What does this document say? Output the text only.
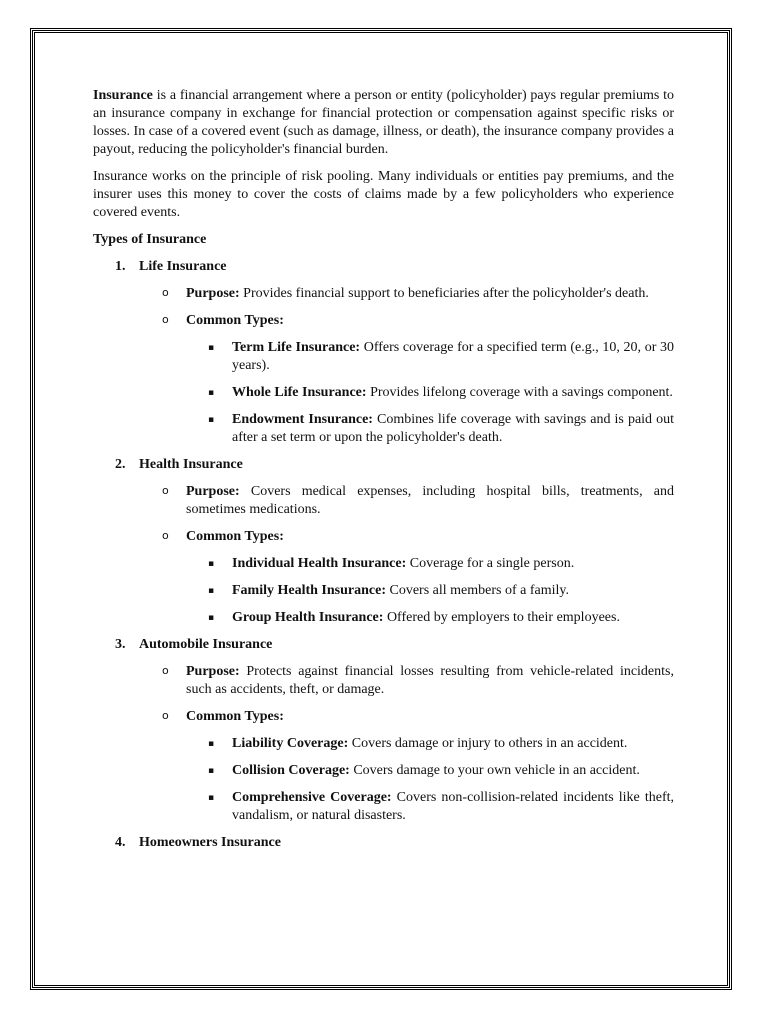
Insurance is a financial arrangement where a person or entity (policyholder) pays regular premiums to an insurance company in exchange for financial protection or compensation against specific risks or losses. In case of a covered event (such as damage, illness, or death), the insurance company provides a payout, reducing the policyholder's financial burden.

Insurance works on the principle of risk pooling. Many individuals or entities pay premiums, and the insurer uses this money to cover the costs of claims made by a few policyholders who experience covered events.

Types of Insurance
1. Life Insurance
o Purpose: Provides financial support to beneficiaries after the policyholder's death.

o Common Types:

▪ Term Life Insurance: Offers coverage for a specified term (e.g., 10, 20, or 30 years).

▪ Whole Life Insurance: Provides lifelong coverage with a savings component.

▪ Endowment Insurance: Combines life coverage with savings and is paid out after a set term or upon the policyholder's death.

2. Health Insurance
o Purpose: Covers medical expenses, including hospital bills, treatments, and sometimes medications.

o Common Types:

▪ Individual Health Insurance: Coverage for a single person.

▪ Family Health Insurance: Covers all members of a family.

▪ Group Health Insurance: Offered by employers to their employees.

3. Automobile Insurance
o Purpose: Protects against financial losses resulting from vehicle-related incidents, such as accidents, theft, or damage.

o Common Types:

▪ Liability Coverage: Covers damage or injury to others in an accident.

▪ Collision Coverage: Covers damage to your own vehicle in an accident.

▪ Comprehensive Coverage: Covers non-collision-related incidents like theft, vandalism, or natural disasters.

4. Homeowners Insurance
